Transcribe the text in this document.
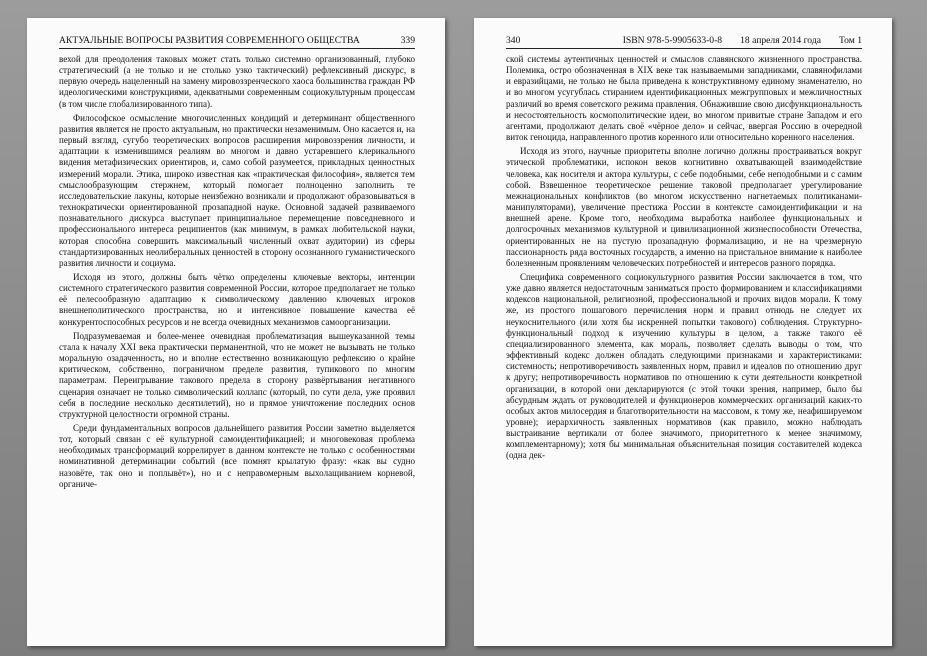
АКТУАЛЬНЫЕ ВОПРОСЫ РАЗВИТИЯ СОВРЕМЕННОГО ОБЩЕСТВА	339

вехой для преодоления таковых может стать только системно организованный, глубоко стратегический (а не только и не столько узко тактический) рефлексивный дискурс, в первую очередь нацеленный на замену мировоззренческого хаоса большинства граждан РФ идеологическими конструкциями, адекватными современным социокультурным процессам (в том числе глобализированного типа).

Философское осмысление многочисленных кондиций и детерминант общественного развития является не просто актуальным, но практически незаменимым. Оно касается и, на первый взгляд, сугубо теоретических вопросов расширения мировоззрения личности, и адаптации к изменившимся реалиям во многом и давно устаревшего клерикального видения метафизических ориентиров, и, само собой разумеется, прикладных ценностных измерений морали. Этика, широко известная как «практическая философия», является тем смыслообразующим стержнем, который помогает полноценно заполнить те исследовательские лакуны, которые неизбежно возникали и продолжают образовываться в технократически ориентированной прозападной науке. Основной задачей развиваемого познавательного дискурса выступает принципиальное перемещение повседневного и профессионального интереса реципиентов (как минимум, в рамках любительской науки, которая способна совершить максимальный численный охват аудитории) из сферы стандартизированных неолиберальных ценностей в сторону осознанного гуманистического развития личности и социума.

Исходя из этого, должны быть чётко определены ключевые векторы, интенции системного стратегического развития современной России, которое предполагает не только её пелесообразную адаптацию к символическому давлению ключевых игроков внешнеполитического пространства, но и интенсивное повышение качества её конкурентоспособных ресурсов и не всегда очевидных механизмов самоорганизации.

Подразумеваемая и более-менее очевидная проблематизация вышеуказанной темы стала к началу XXI века практически перманентной, что не может не вызывать не только моральную озадаченность, но и вполне естественно возникающую рефлексию о крайне критическом, собственно, пограничном пределе развития, тупикового по многим параметрам. Переигрывание такового предела в сторону развёртывания негативного сценария означает не только символический коллапс (который, по сути дела, уже проявил себя в последние несколько десятилетий), но и прямое уничтожение последних основ структурной целостности огромной страны.

Среди фундаментальных вопросов дальнейшего развития России заметно выделяется тот, который связан с её культурной самоидентификацией; и многовековая проблема необходимых трансформаций коррелирует в данном контексте не только с особенностями номинативной детерминации событий (все помнят крылатую фразу: «как вы судно назовёте, так оно и поплывёт»), но и с неправомерным выхолащиванием корневой, органиче-

340	ISBN 978-5-9905633-0-8 18 апреля 2014 года Том 1

ской системы аутентичных ценностей и смыслов славянского жизненного пространства. Полемика, остро обозначенная в XIX веке так называемыми западниками, славянофилами и евразийцами, не только не была приведена к конструктивному единому знаменателю, но и во многом усугублась стиранием идентификационных межгрупповых и межличностных различий во время советского режима правления. Обнажившие свою дисфункциональность и несостоятельность космополитические идеи, во многом привитые стране Западом и его агентами, продолжают делать своё «чёрное дело» и сейчас, ввергая Россию в очередной виток геноцида, направленного против коренного или относительно коренного населения.

Исходя из этого, научные приоритеты вполне логично должны простраиваться вокруг этической проблематики, испокон веков когнитивно охватывающей взаимодействие человека, как носителя и актора культуры, с себе подобными, себе неподобными и с самим собой. Взвешенное теоретическое решение таковой предполагает урегулирование межнациональных конфликтов (во многом искусственно нагнетаемых политиканами-манипуляторами), увеличение престижа России в контексте самоидентификации и на внешней арене. Кроме того, необходима выработка наиболее функциональных и долгосрочных механизмов культурной и цивилизационной жизнеспособности Отечества, ориентированных не на пустую прозападную формализацию, и не на чрезмерную пассионарность ряда восточных государств, а именно на пристальное внимание к наиболее болезненным проявлениям человеческих потребностей и интересов разного порядка.

Специфика современного социокультурного развития России заключается в том, что уже давно является недостаточным заниматься просто формированием и классификациями кодексов национальной, религиозной, профессиональной и прочих видов морали. К тому же, из простого пошагового перечисления норм и правил отнюдь не следует их неукоснительного (или хотя бы искренней попытки такового) соблюдения. Структурно-функциональный подход к изучению культуры в целом, а также такого её специализированного элемента, как мораль, позволяет сделать выводы о том, что эффективный кодекс должен обладать следующими признаками и характеристиками: системность; непротиворечивость заявленных норм, правил и идеалов по отношению друг к другу; непротиворечивость нормативов по отношению к сути деятельности конкретной организации, в которой они декларируются (с этой точки зрения, например, было бы абсурдным ждать от руководителей и функционеров коммерческих организаций каких-то особых актов милосердия и благотворительности на массовом, к тому же, неафишируемом уровне); иерархичность заявленных нормативов (как правило, можно наблюдать выстраивание вертикали от более значимого, приоритетного к менее значимому, комплементарному); хотя бы минимальная объяснительная позиция составителей кодекса (одна дек-
